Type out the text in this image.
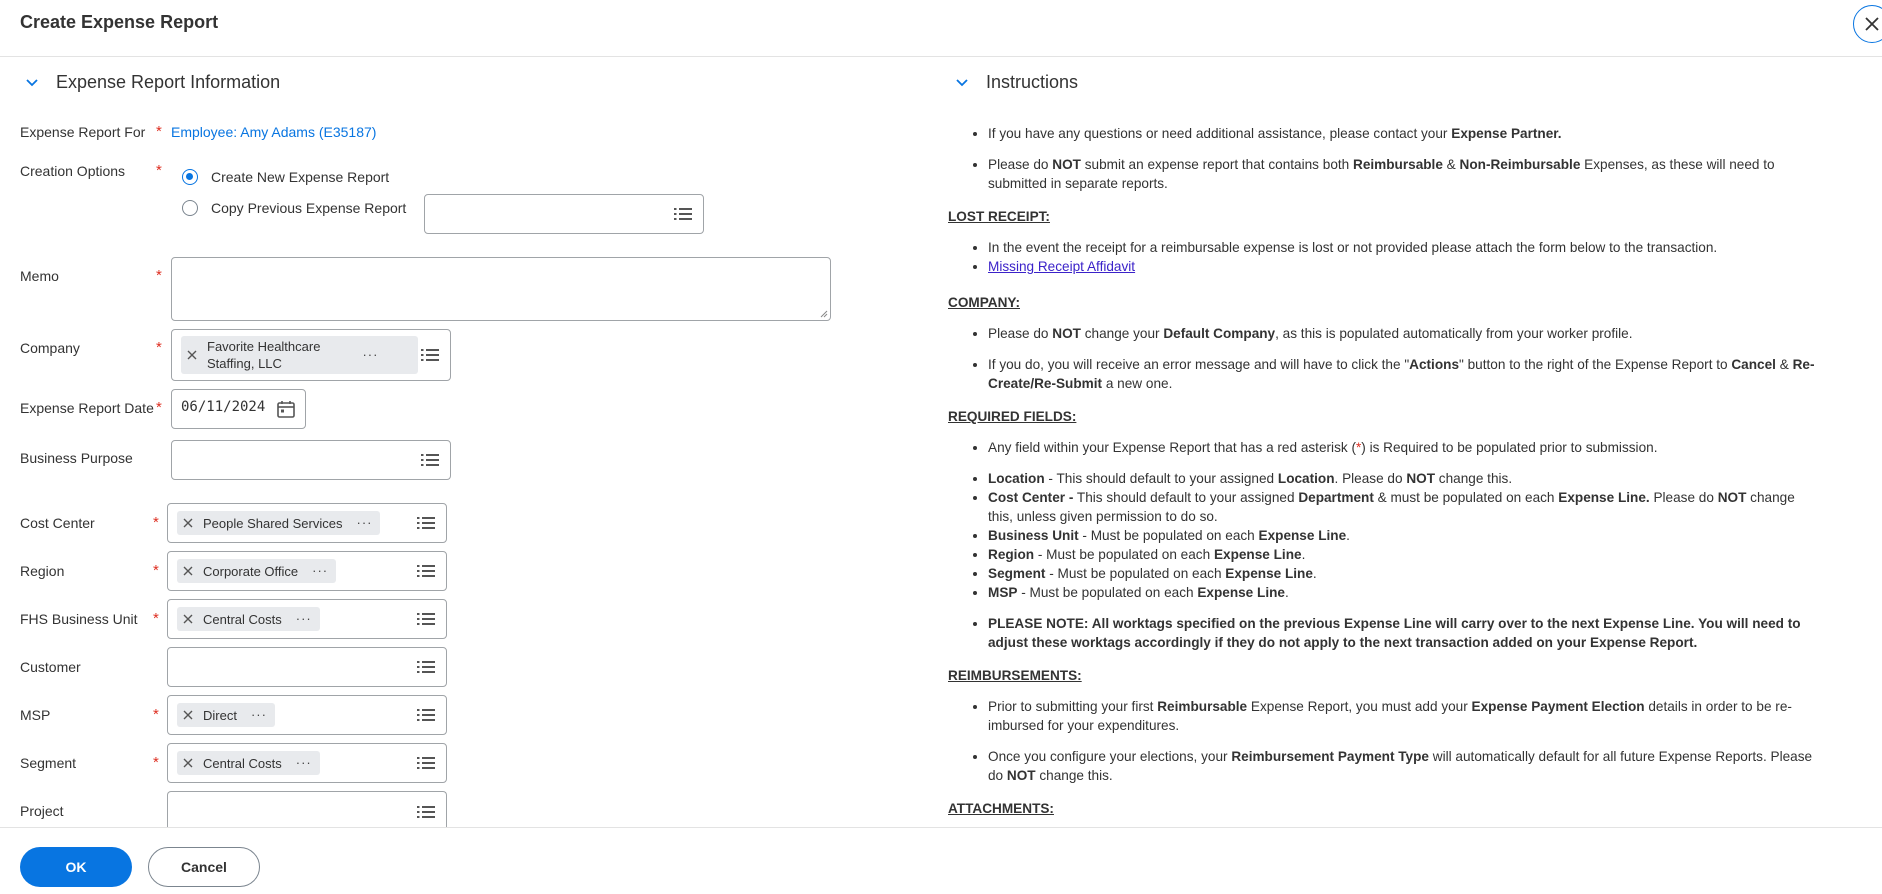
Create Expense Report
Expense Report Information
Expense Report For * Employee: Amy Adams (E35187)
Creation Options *	Create New Expense Report
Copy Previous Expense Report
Memo	*
Company	*	Favorite Healthcare
Staffing, LLC
···
Expense Report Date * 06/11/2024
Business Purpose
Cost Center	*	People Shared Services ···
Region	*	Corporate Office ···
FHS Business Unit *	Central Costs ···
Customer
MSP	*	Direct ···
Segment	*	Central Costs ···
Project
Instructions
• If you have any questions or need additional assistance, please contact your Expense Partner.
• Please do NOT submit an expense report that contains both Reimbursable & Non-Reimbursable Expenses, as these will need to submitted in separate reports.

LOST RECEIPT:

• In the event the receipt for a reimbursable expense is lost or not provided please attach the form below to the transaction.
• Missing Receipt Affidavit

COMPANY:

• Please do NOT change your Default Company, as this is populated automatically from your worker profile.
• If you do, you will receive an error message and will have to click the "Actions" button to the right of the Expense Report to Cancel & Re-Create/Re-Submit a new one.

REQUIRED FIELDS:

• Any field within your Expense Report that has a red asterisk (*) is Required to be populated prior to submission.
• Location - This should default to your assigned Location. Please do NOT change this.
• Cost Center - This should default to your assigned Department & must be populated on each Expense Line. Please do NOT change this, unless given permission to do so.
• Business Unit - Must be populated on each Expense Line.
• Region - Must be populated on each Expense Line.
• Segment - Must be populated on each Expense Line.
• MSP - Must be populated on each Expense Line.
• PLEASE NOTE: All worktags specified on the previous Expense Line will carry over to the next Expense Line. You will need to adjust these worktags accordingly if they do not apply to the next transaction added on your Expense Report.

REIMBURSEMENTS:

• Prior to submitting your first Reimbursable Expense Report, you must add your Expense Payment Election details in order to be re-imbursed for your expenditures.
• Once you configure your elections, your Reimbursement Payment Type will automatically default for all future Expense Reports. Please do NOT change this.

ATTACHMENTS:

OK	Cancel
